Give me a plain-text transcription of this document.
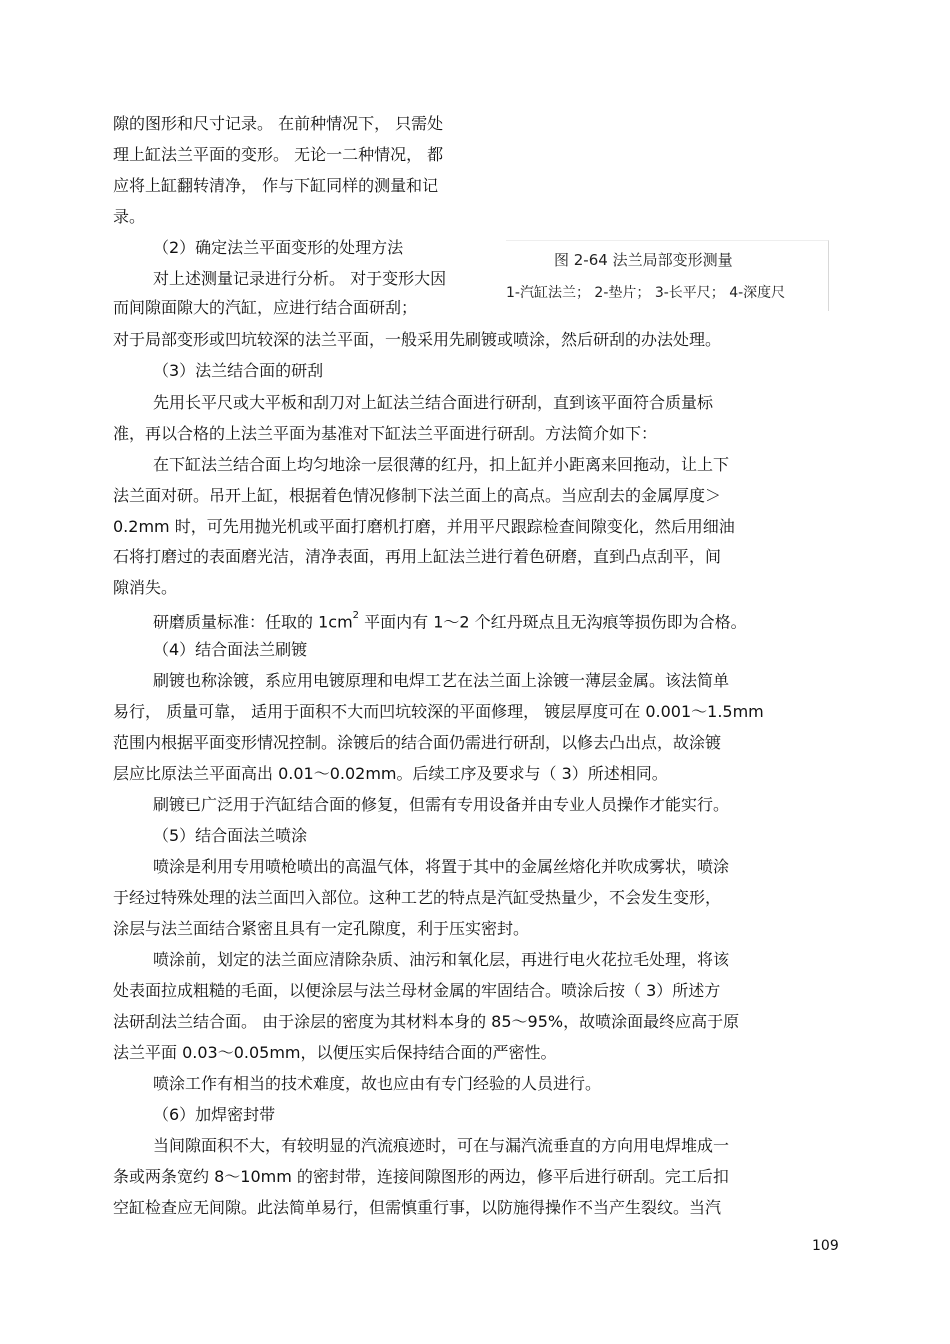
图 2-64 法兰局部变形测量
1-汽缸法兰； 2-垫片； 3-长平尺； 4-深度尺
隙的图形和尺寸记录。 在前种情况下， 只需处
理上缸法兰平面的变形。 无论一二种情况， 都
应将上缸翻转清净， 作与下缸同样的测量和记
录。
（2）确定法兰平面变形的处理方法
对上述测量记录进行分析。 对于变形大因
而间隙面隙大的汽缸，应进行结合面研刮；
对于局部变形或凹坑较深的法兰平面，一般采用先刷镀或喷涂，然后研刮的办法处理。
（3）法兰结合面的研刮
先用长平尺或大平板和刮刀对上缸法兰结合面进行研刮，直到该平面符合质量标
准，再以合格的上法兰平面为基准对下缸法兰平面进行研刮。方法简介如下：
在下缸法兰结合面上均匀地涂一层很薄的红丹，扣上缸并小距离来回拖动，让上下
法兰面对研。吊开上缸，根据着色情况修制下法兰面上的高点。当应刮去的金属厚度＞
0.2mm 时，可先用抛光机或平面打磨机打磨，并用平尺跟踪检查间隙变化，然后用细油
石将打磨过的表面磨光洁，清净表面，再用上缸法兰进行着色研磨，直到凸点刮平，间
隙消失。
研磨质量标准：任取的 $1cm^2$ 平面内有 1～2 个红丹斑点且无沟痕等损伤即为合格。
（4）结合面法兰刷镀
刷镀也称涂镀，系应用电镀原理和电焊工艺在法兰面上涂镀一薄层金属。该法简单
易行， 质量可靠， 适用于面积不大而凹坑较深的平面修理， 镀层厚度可在 0.001～1.5mm
范围内根据平面变形情况控制。涂镀后的结合面仍需进行研刮，以修去凸出点，故涂镀
层应比原法兰平面高出 0.01～0.02mm。后续工序及要求与（ 3）所述相同。
刷镀已广泛用于汽缸结合面的修复，但需有专用设备并由专业人员操作才能实行。
（5）结合面法兰喷涂
喷涂是利用专用喷枪喷出的高温气体，将置于其中的金属丝熔化并吹成雾状，喷涂
于经过特殊处理的法兰面凹入部位。这种工艺的特点是汽缸受热量少，不会发生变形，
涂层与法兰面结合紧密且具有一定孔隙度，利于压实密封。
喷涂前，划定的法兰面应清除杂质、油污和氧化层，再进行电火花拉毛处理，将该
处表面拉成粗糙的毛面，以便涂层与法兰母材金属的牢固结合。喷涂后按（ 3）所述方
法研刮法兰结合面。 由于涂层的密度为其材料本身的 85～95%，故喷涂面最终应高于原
法兰平面 0.03～0.05mm，以便压实后保持结合面的严密性。
喷涂工作有相当的技术难度，故也应由有专门经验的人员进行。
（6）加焊密封带
当间隙面积不大，有较明显的汽流痕迹时，可在与漏汽流垂直的方向用电焊堆成一
条或两条宽约 8～10mm 的密封带，连接间隙图形的两边，修平后进行研刮。完工后扣
空缸检查应无间隙。此法简单易行，但需慎重行事，以防施得操作不当产生裂纹。当汽
109
